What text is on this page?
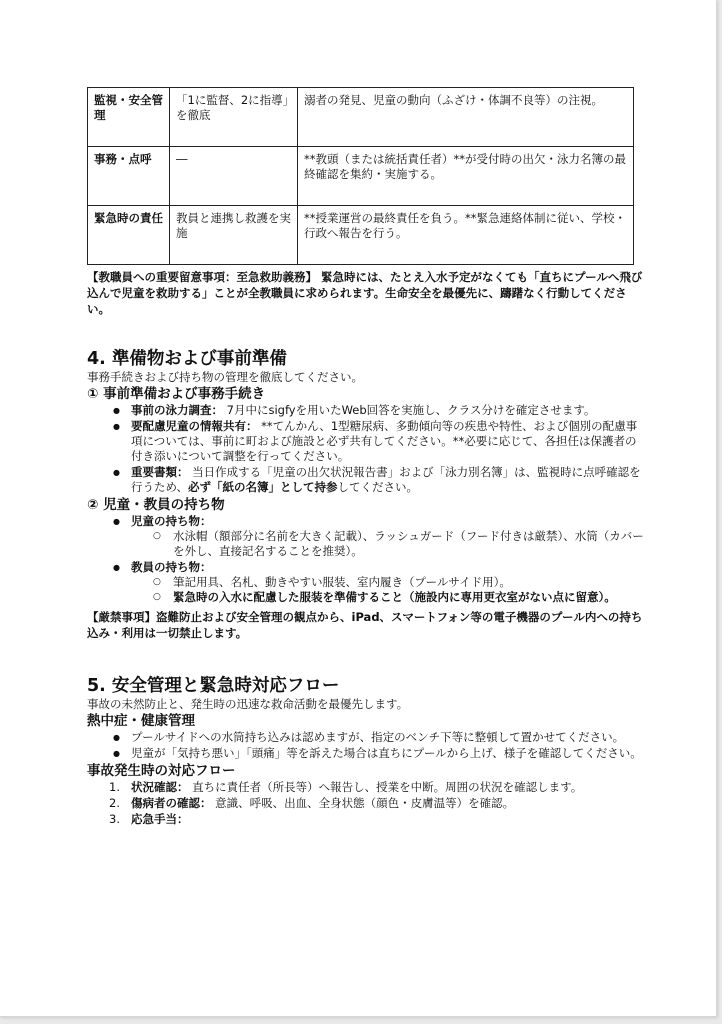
監視・安全管理	「1に監督、2に指導」を徹底	溺者の発見、児童の動向（ふざけ・体調不良等）の注視。
事務・点呼	―	**教頭（または統括責任者）**が受付時の出欠・泳力名簿の最終確認を集約・実施する。
緊急時の責任	教員と連携し救護を実施	**授業運営の最終責任を負う。**緊急連絡体制に従い、学校・行政へ報告を行う。
【教職員への重要留意事項：至急救助義務】 緊急時には、たとえ入水予定がなくても「直ちにプールへ飛び込んで児童を救助する」ことが全教職員に求められます。生命安全を最優先に、躊躇なく行動してください。
4. 準備物および事前準備
事務手続きおよび持ち物の管理を徹底してください。
① 事前準備および事務手続き
● 事前の泳力調査： 7月中にsigfyを用いたWeb回答を実施し、クラス分けを確定させます。
● 要配慮児童の情報共有： **てんかん、1型糖尿病、多動傾向等の疾患や特性、および個別の配慮事項については、事前に町および施設と必ず共有してください。**必要に応じて、各担任は保護者の付き添いについて調整を行ってください。
● 重要書類： 当日作成する「児童の出欠状況報告書」および「泳力別名簿」は、監視時に点呼確認を行うため、必ず「紙の名簿」として持参してください。
② 児童・教員の持ち物
● 児童の持ち物：
○ 水泳帽（額部分に名前を大きく記載）、ラッシュガード（フード付きは厳禁）、水筒（カバーを外し、直接記名することを推奨）。
● 教員の持ち物：
○ 筆記用具、名札、動きやすい服装、室内履き（プールサイド用）。
○ 緊急時の入水に配慮した服装を準備すること（施設内に専用更衣室がない点に留意）。
【厳禁事項】盗難防止および安全管理の観点から、iPad、スマートフォン等の電子機器のプール内への持ち込み・利用は一切禁止します。
5. 安全管理と緊急時対応フロー
事故の未然防止と、発生時の迅速な救命活動を最優先します。
熱中症・健康管理
● プールサイドへの水筒持ち込みは認めますが、指定のベンチ下等に整頓して置かせてください。
● 児童が「気持ち悪い」「頭痛」等を訴えた場合は直ちにプールから上げ、様子を確認してください。
事故発生時の対応フロー
1. 状況確認： 直ちに責任者（所長等）へ報告し、授業を中断。周囲の状況を確認します。
2. 傷病者の確認： 意識、呼吸、出血、全身状態（顔色・皮膚温等）を確認。
3. 応急手当：
